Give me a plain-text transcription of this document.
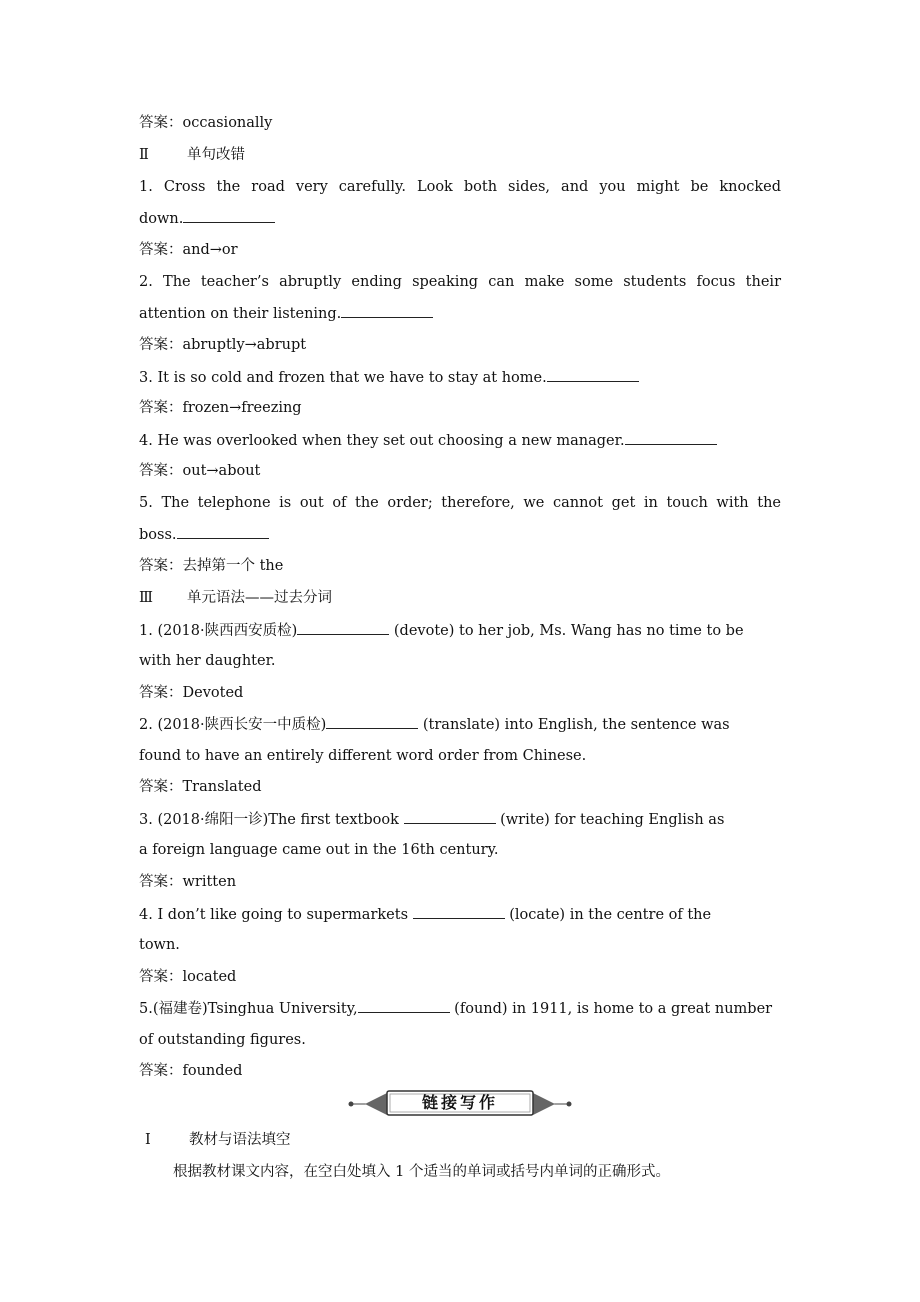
答案：occasionally
Ⅱ	单句改错
1. Cross the road very carefully. Look both sides, and you might be knocked
down.
答案：and→or
2. The teacher’s abruptly ending speaking can make some students focus their
attention on their listening.
答案：abruptly→abrupt
3. It is so cold and frozen that we have to stay at home.
答案：frozen→freezing
4. He was overlooked when they set out choosing a new manager.
答案：out→about
5. The telephone is out of the order; therefore, we cannot get in touch with the
boss.
答案：去掉第一个 the
Ⅲ 单元语法——过去分词
1. (2018·陕西西安质检)	(devote) to her job, Ms. Wang has no time to be
with her daughter.
答案：Devoted
2. (2018·陕西长安一中质检)	(translate) into English, the sentence was
found to have an entirely different word order from Chinese.
答案：Translated
3. (2018·绵阳一诊)The first textbook	(write) for teaching English as
a foreign language came out in the 16th century.
答案：written
4. I don’t like going to supermarkets	(locate) in the centre of the
town.
答案：located
5.(福建卷)Tsinghua University,	(found) in 1911, is home to a great number
of outstanding figures.
答案：founded
链接写作
Ⅰ	教材与语法填空
根据教材课文内容，在空白处填入 1 个适当的单词或括号内单词的正确形式。
